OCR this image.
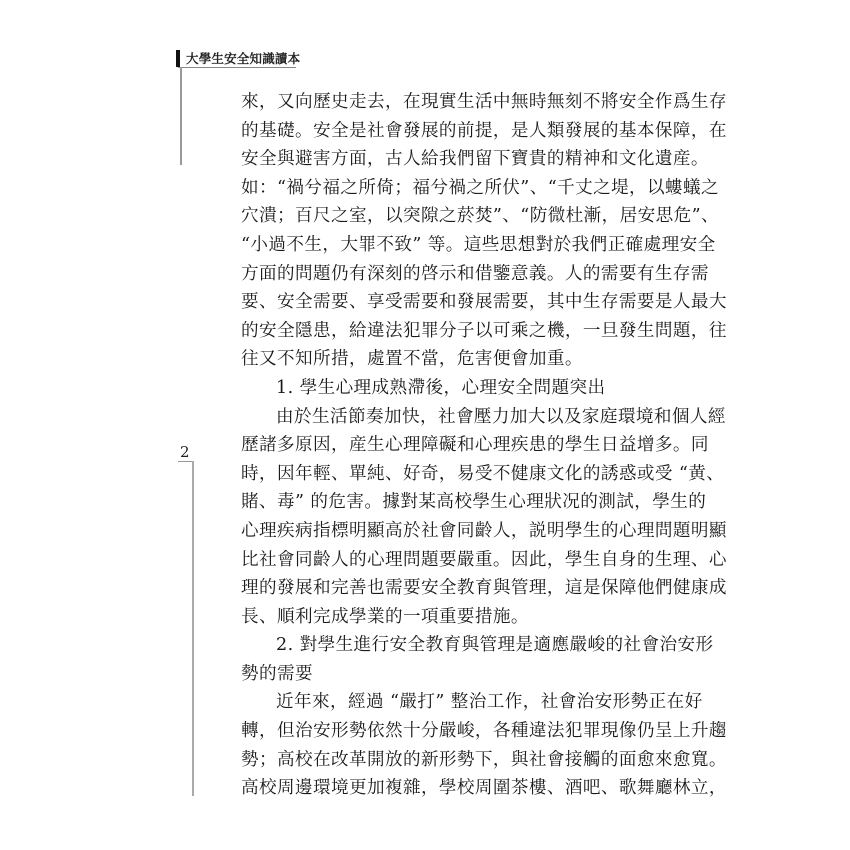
大學生安全知識讀本
2
來，又向歷史走去，在現實生活中無時無刻不將安全作爲生存
的基礎。安全是社會發展的前提，是人類發展的基本保障，在
安全與避害方面，古人給我們留下寶貴的精神和文化遺産。
如：“禍兮福之所倚；福兮禍之所伏”、“千丈之堤，以螻蟻之
穴潰；百尺之室，以突隙之菸焚”、“防微杜漸，居安思危”、
“小過不生，大罪不致” 等。這些思想對於我們正確處理安全
方面的問題仍有深刻的啓示和借鑒意義。人的需要有生存需
要、安全需要、享受需要和發展需要，其中生存需要是人最大
的安全隱患，給違法犯罪分子以可乘之機，一旦發生問題，往
往又不知所措，處置不當，危害便會加重。
1. 學生心理成熟滯後，心理安全問題突出
由於生活節奏加快，社會壓力加大以及家庭環境和個人經
歷諸多原因，産生心理障礙和心理疾患的學生日益增多。同
時，因年輕、單純、好奇，易受不健康文化的誘惑或受 “黄、
賭、毒” 的危害。據對某高校學生心理狀况的測試，學生的
心理疾病指標明顯高於社會同齡人，説明學生的心理問題明顯
比社會同齡人的心理問題要嚴重。因此，學生自身的生理、心
理的發展和完善也需要安全教育與管理，這是保障他們健康成
長、順利完成學業的一項重要措施。
2. 對學生進行安全教育與管理是適應嚴峻的社會治安形
勢的需要
近年來，經過 “嚴打” 整治工作，社會治安形勢正在好
轉，但治安形勢依然十分嚴峻，各種違法犯罪現像仍呈上升趨
勢；高校在改革開放的新形勢下，與社會接觸的面愈來愈寬。
高校周邊環境更加複雜，學校周圍茶樓、酒吧、歌舞廳林立，
